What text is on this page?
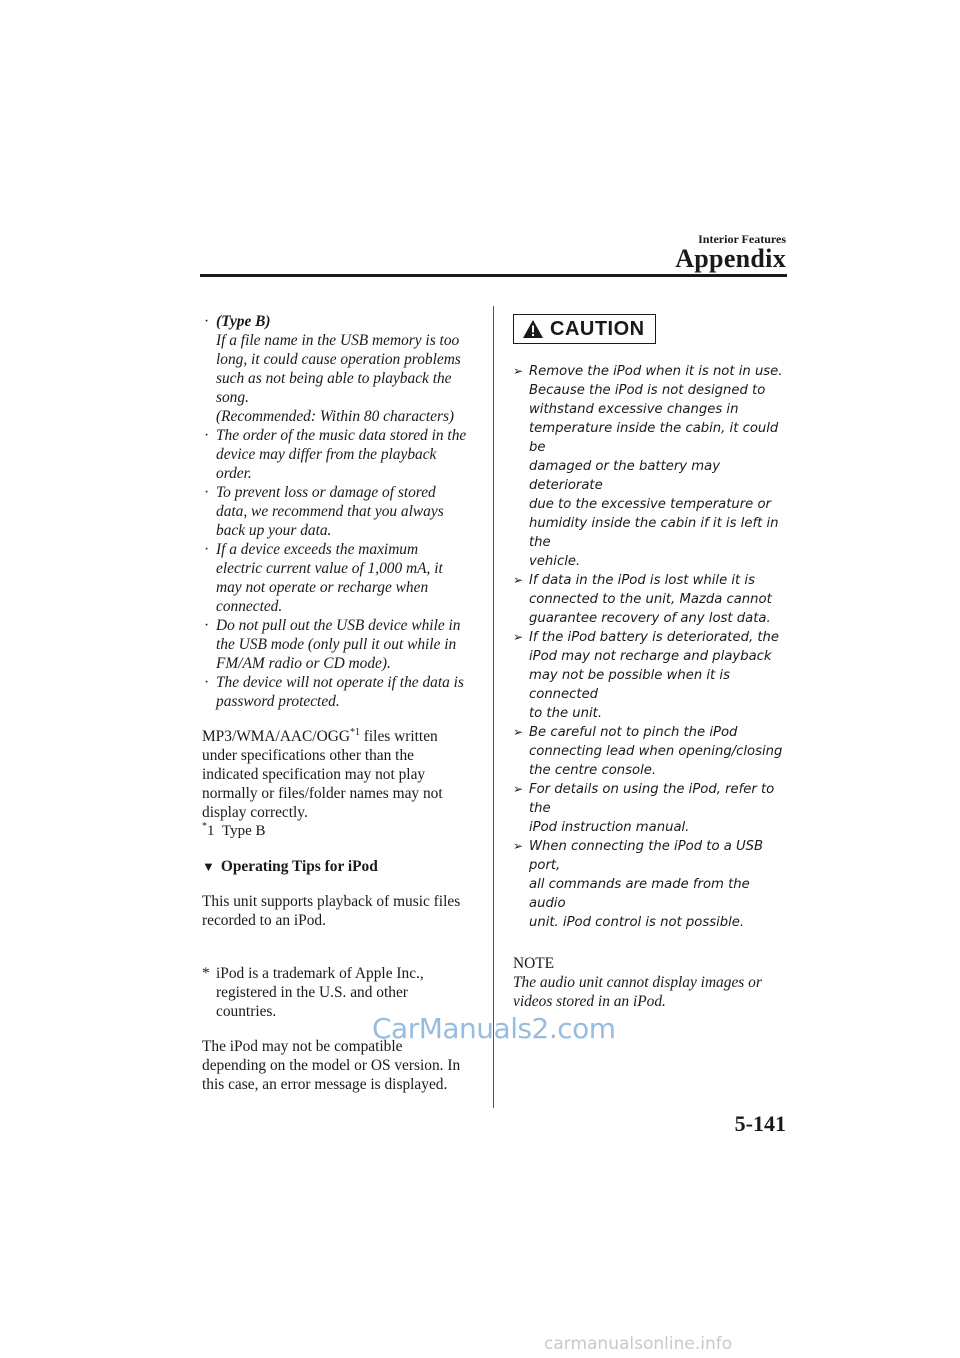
Interior Features
Appendix
· (Type B)
If a file name in the USB memory is too
long, it could cause operation problems
such as not being able to playback the
song.
(Recommended: Within 80 characters)
· The order of the music data stored in the
device may differ from the playback
order.
· To prevent loss or damage of stored
data, we recommend that you always
back up your data.
· If a device exceeds the maximum
electric current value of 1,000 mA, it
may not operate or recharge when
connected.
· Do not pull out the USB device while in
the USB mode (only pull it out while in
FM/AM radio or CD mode).
· The device will not operate if the data is
password protected.

MP3/WMA/AAC/OGG$^{*1}$ files written
under specifications other than the
indicated specification may not play
normally or files/folder names may not
display correctly.

*1 Type B

▼ Operating Tips for iPod

This unit supports playback of music files
recorded to an iPod.

* iPod is a trademark of Apple Inc.,
registered in the U.S. and other
countries.

The iPod may not be compatible
depending on the model or OS version. In
this case, an error message is displayed.

CAUTION
➢ Remove the iPod when it is not in use.
Because the iPod is not designed to
withstand excessive changes in
temperature inside the cabin, it could be
damaged or the battery may deteriorate
due to the excessive temperature or
humidity inside the cabin if it is left in the
vehicle.
➢ If data in the iPod is lost while it is
connected to the unit, Mazda cannot
guarantee recovery of any lost data.
➢ If the iPod battery is deteriorated, the
iPod may not recharge and playback
may not be possible when it is connected
to the unit.
➢ Be careful not to pinch the iPod
connecting lead when opening/closing
the centre console.
➢ For details on using the iPod, refer to the
iPod instruction manual.
➢ When connecting the iPod to a USB port,
all commands are made from the audio
unit. iPod control is not possible.
NOTE
The audio unit cannot display images or
videos stored in an iPod.
CarManuals2.com
5-141
carmanualsonline.info
